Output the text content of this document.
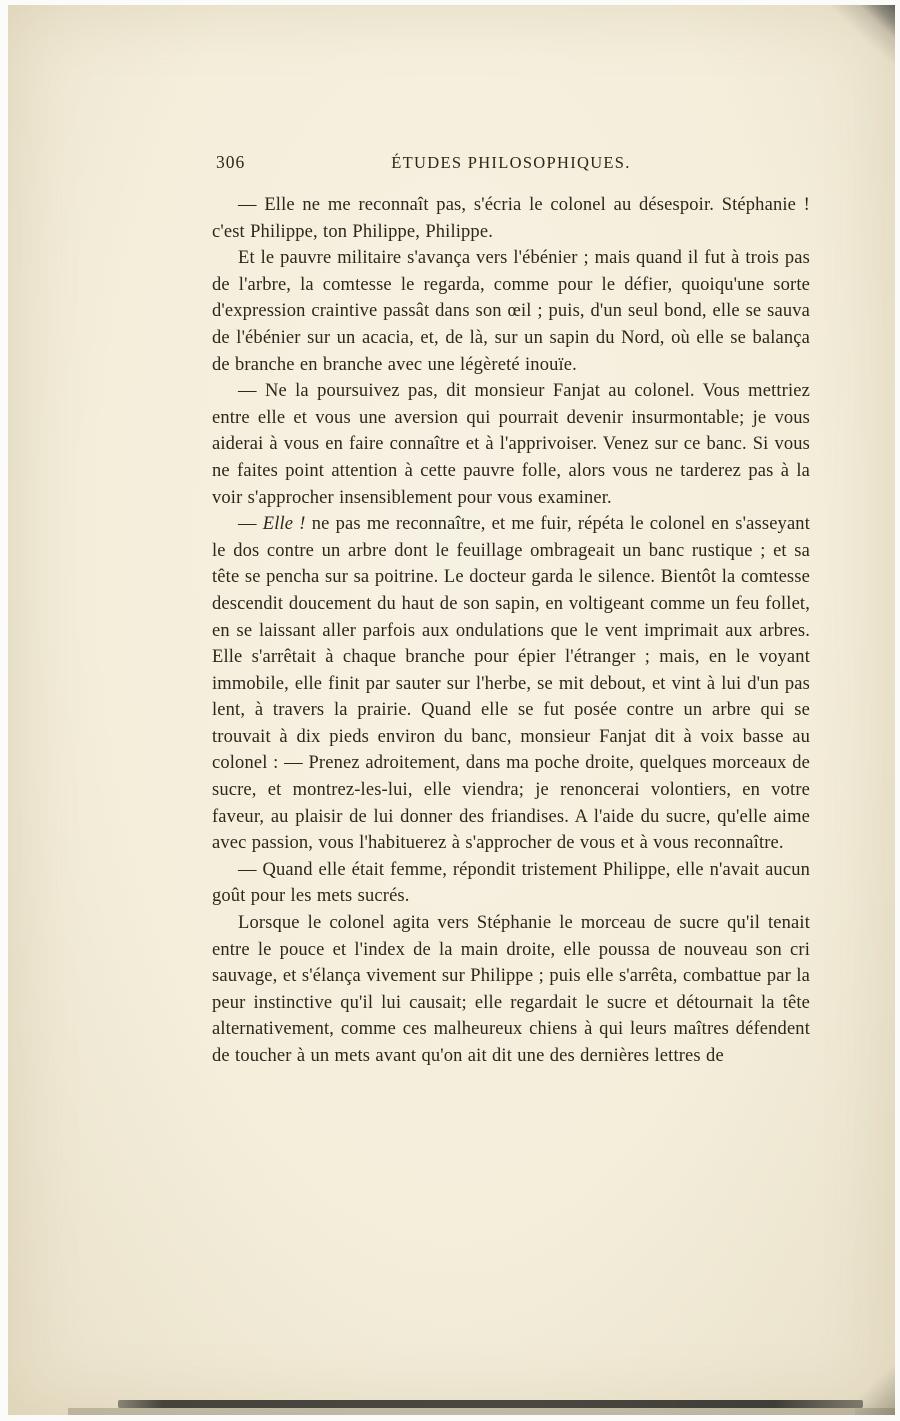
306	ÉTUDES PHILOSOPHIQUES.

— Elle ne me reconnaît pas, s'écria le colonel au désespoir. Stéphanie ! c'est Philippe, ton Philippe, Philippe.

Et le pauvre militaire s'avança vers l'ébénier ; mais quand il fut à trois pas de l'arbre, la comtesse le regarda, comme pour le défier, quoiqu'une sorte d'expression craintive passât dans son œil ; puis, d'un seul bond, elle se sauva de l'ébénier sur un acacia, et, de là, sur un sapin du Nord, où elle se balança de branche en branche avec une légèreté inouïe.

— Ne la poursuivez pas, dit monsieur Fanjat au colonel. Vous mettriez entre elle et vous une aversion qui pourrait devenir insurmontable; je vous aiderai à vous en faire connaître et à l'apprivoiser. Venez sur ce banc. Si vous ne faites point attention à cette pauvre folle, alors vous ne tarderez pas à la voir s'approcher insensiblement pour vous examiner.

— Elle ! ne pas me reconnaître, et me fuir, répéta le colonel en s'asseyant le dos contre un arbre dont le feuillage ombrageait un banc rustique ; et sa tête se pencha sur sa poitrine. Le docteur garda le silence. Bientôt la comtesse descendit doucement du haut de son sapin, en voltigeant comme un feu follet, en se laissant aller parfois aux ondulations que le vent imprimait aux arbres. Elle s'arrêtait à chaque branche pour épier l'étranger ; mais, en le voyant immobile, elle finit par sauter sur l'herbe, se mit debout, et vint à lui d'un pas lent, à travers la prairie. Quand elle se fut posée contre un arbre qui se trouvait à dix pieds environ du banc, monsieur Fanjat dit à voix basse au colonel : — Prenez adroitement, dans ma poche droite, quelques morceaux de sucre, et montrez-les-lui, elle viendra; je renoncerai volontiers, en votre faveur, au plaisir de lui donner des friandises. A l'aide du sucre, qu'elle aime avec passion, vous l'habituerez à s'approcher de vous et à vous reconnaître.

— Quand elle était femme, répondit tristement Philippe, elle n'avait aucun goût pour les mets sucrés.

Lorsque le colonel agita vers Stéphanie le morceau de sucre qu'il tenait entre le pouce et l'index de la main droite, elle poussa de nouveau son cri sauvage, et s'élança vivement sur Philippe ; puis elle s'arrêta, combattue par la peur instinctive qu'il lui causait; elle regardait le sucre et détournait la tête alternativement, comme ces malheureux chiens à qui leurs maîtres défendent de toucher à un mets avant qu'on ait dit une des dernières lettres de
